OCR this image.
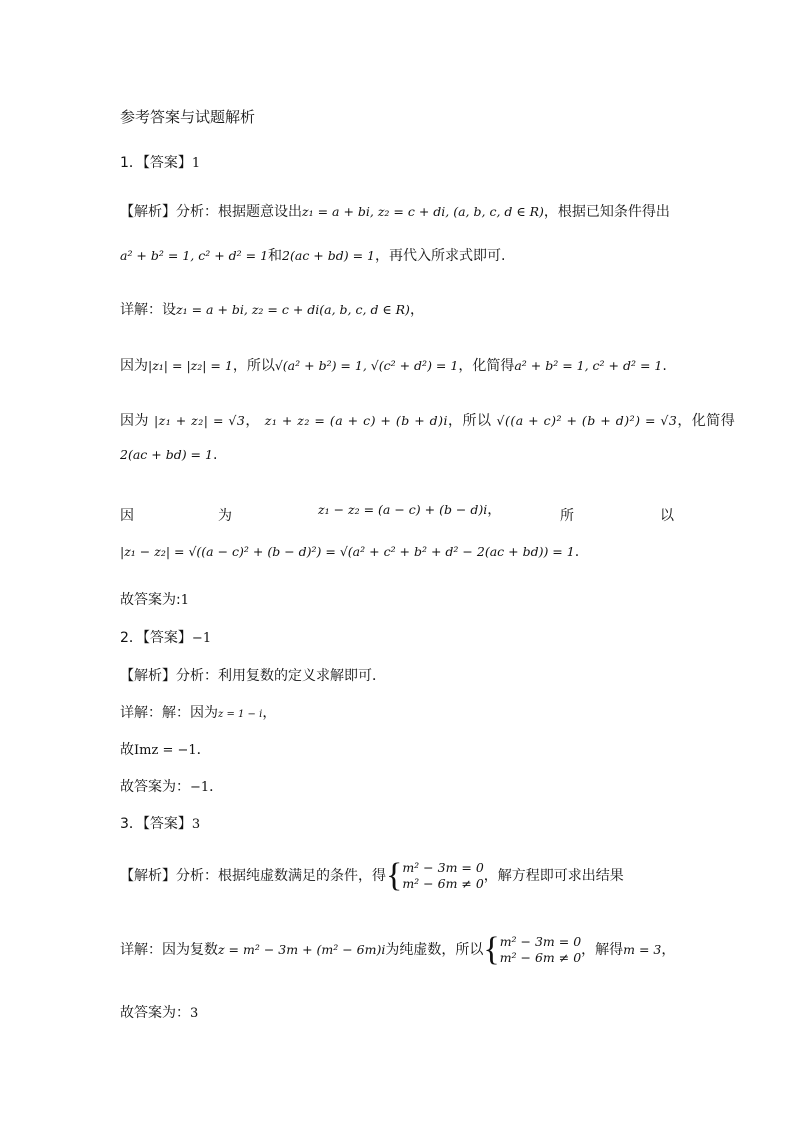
参考答案与试题解析
1．【答案】1
【解析】分析：根据题意设出z₁ = a + bi, z₂ = c + di, (a, b, c, d ∈ R)，根据已知条件得出
a² + b² = 1, c² + d² = 1和2(ac + bd) = 1，再代入所求式即可.
详解：设z₁ = a + bi, z₂ = c + di(a, b, c, d ∈ R)，
因为|z₁| = |z₂| = 1，所以√(a² + b²) = 1, √(c² + d²) = 1，化简得a² + b² = 1, c² + d² = 1.
因为 |z₁ + z₂| = √3， z₁ + z₂ = (a + c) + (b + d)i，所以 √((a + c)² + (b + d)²) = √3，化简得
2(ac + bd) = 1.
因	为	z₁ − z₂ = (a − c) + (b − d)i，	所	以
|z₁ − z₂| = √((a − c)² + (b − d)²) = √(a² + c² + b² + d² − 2(ac + bd)) = 1.
故答案为:1
2．【答案】−1
【解析】分析：利用复数的定义求解即可．
详解：解：因为z = 1 − i，
故Imz = −1．
故答案为：−1．
3．【答案】3
【解析】分析：根据纯虚数满足的条件，得{ m² − 3m = 0
m² − 6m ≠ 0 ，解方程即可求出结果
详解：因为复数z = m² − 3m + (m² − 6m)i为纯虚数，所以{ m² − 3m = 0
m² − 6m ≠ 0 ，解得m = 3，
故答案为：3
